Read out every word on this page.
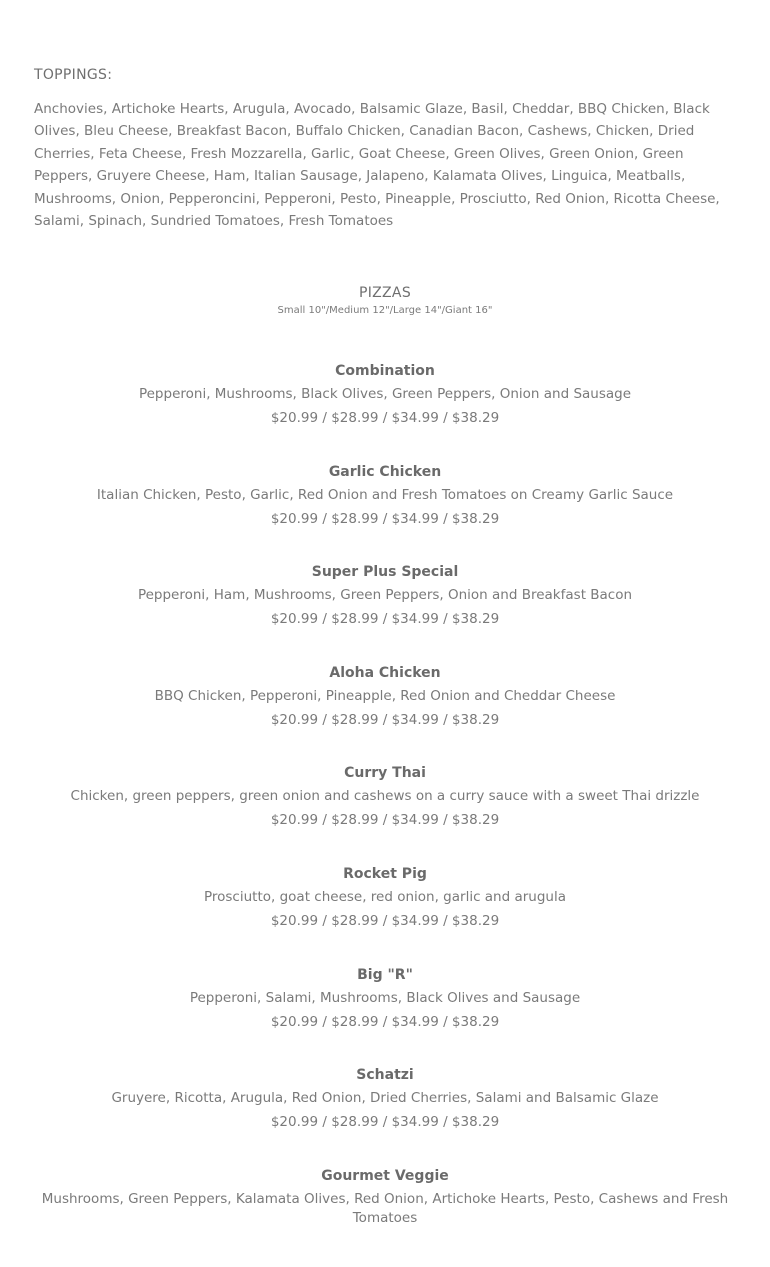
TOPPINGS:

Anchovies, Artichoke Hearts, Arugula, Avocado, Balsamic Glaze, Basil, Cheddar, BBQ Chicken, Black Olives, Bleu Cheese, Breakfast Bacon, Buffalo Chicken, Canadian Bacon, Cashews, Chicken, Dried Cherries, Feta Cheese, Fresh Mozzarella, Garlic, Goat Cheese, Green Olives, Green Onion, Green Peppers, Gruyere Cheese, Ham, Italian Sausage, Jalapeno, Kalamata Olives, Linguica, Meatballs, Mushrooms, Onion, Pepperoncini, Pepperoni, Pesto, Pineapple, Prosciutto, Red Onion, Ricotta Cheese, Salami, Spinach, Sundried Tomatoes, Fresh Tomatoes

PIZZAS

Small 10"/Medium 12"/Large 14"/Giant 16"

Combination

Pepperoni, Mushrooms, Black Olives, Green Peppers, Onion and Sausage

$20.99 / $28.99 / $34.99 / $38.29

Garlic Chicken

Italian Chicken, Pesto, Garlic, Red Onion and Fresh Tomatoes on Creamy Garlic Sauce

$20.99 / $28.99 / $34.99 / $38.29

Super Plus Special

Pepperoni, Ham, Mushrooms, Green Peppers, Onion and Breakfast Bacon

$20.99 / $28.99 / $34.99 / $38.29

Aloha Chicken

BBQ Chicken, Pepperoni, Pineapple, Red Onion and Cheddar Cheese

$20.99 / $28.99 / $34.99 / $38.29

Curry Thai

Chicken, green peppers, green onion and cashews on a curry sauce with a sweet Thai drizzle

$20.99 / $28.99 / $34.99 / $38.29

Rocket Pig

Prosciutto, goat cheese, red onion, garlic and arugula

$20.99 / $28.99 / $34.99 / $38.29

Big "R"

Pepperoni, Salami, Mushrooms, Black Olives and Sausage

$20.99 / $28.99 / $34.99 / $38.29

Schatzi

Gruyere, Ricotta, Arugula, Red Onion, Dried Cherries, Salami and Balsamic Glaze

$20.99 / $28.99 / $34.99 / $38.29

Gourmet Veggie

Mushrooms, Green Peppers, Kalamata Olives, Red Onion, Artichoke Hearts, Pesto, Cashews and Fresh Tomatoes
